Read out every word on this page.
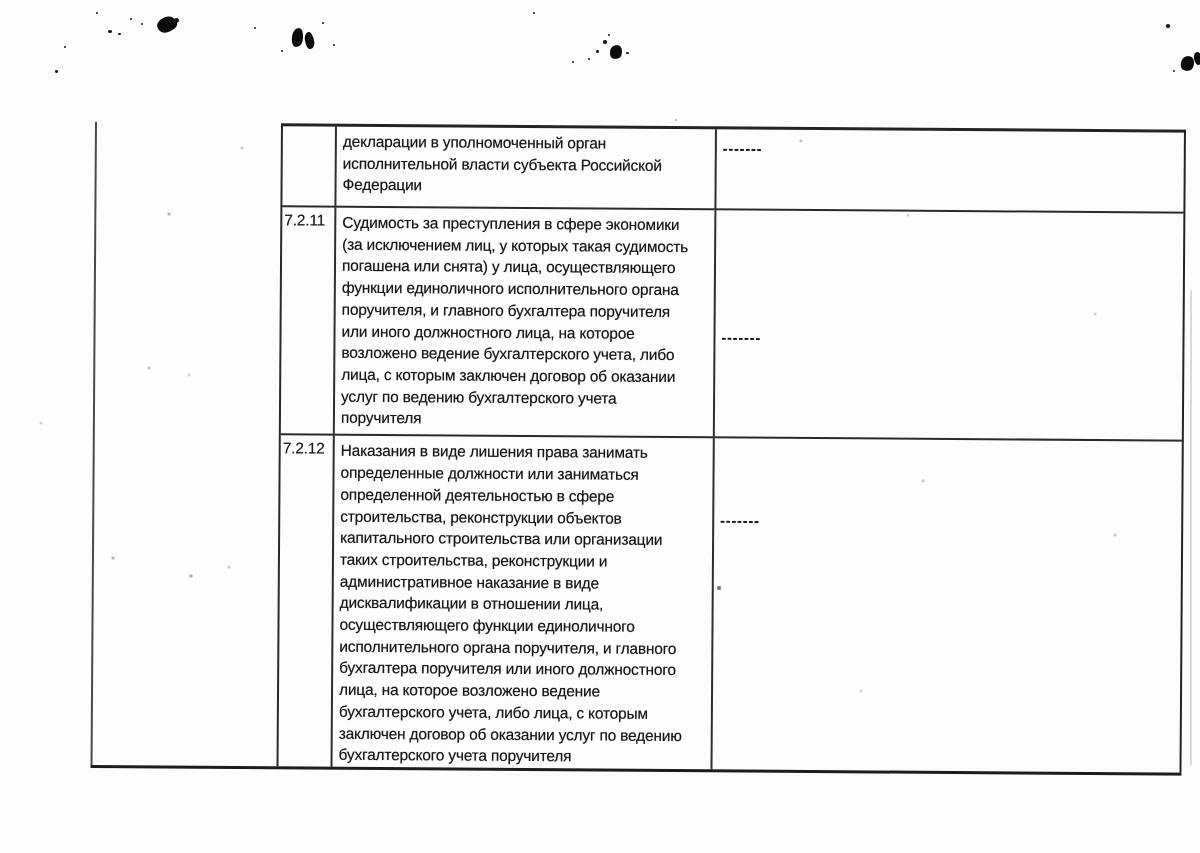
декларации в уполномоченный орган
исполнительной власти субъекта Российской
Федерации
-------
7.2.11	Судимость за преступления в сфере экономики
(за исключением лиц, у которых такая судимость
погашена или снята) у лица, осуществляющего
функции единоличного исполнительного органа
поручителя, и главного бухгалтера поручителя
или иного должностного лица, на которое
возложено ведение бухгалтерского учета, либо
лица, с которым заключен договор об оказании
услуг по ведению бухгалтерского учета
поручителя
-------
7.2.12	Наказания в виде лишения права занимать
определенные должности или заниматься
определенной деятельностью в сфере
строительства, реконструкции объектов
капитального строительства или организации
таких строительства, реконструкции и
административное наказание в виде
дисквалификации в отношении лица,
осуществляющего функции единоличного
исполнительного органа поручителя, и главного
бухгалтера поручителя или иного должностного
лица, на которое возложено ведение
бухгалтерского учета, либо лица, с которым
заключен договор об оказании услуг по ведению
бухгалтерского учета поручителя
-------
